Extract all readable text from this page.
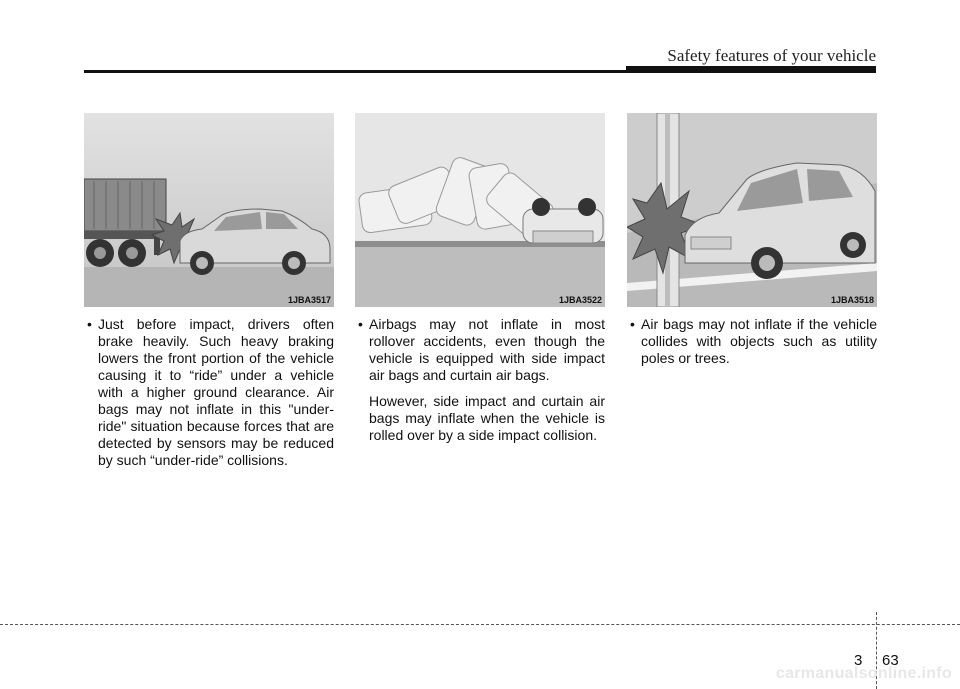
Safety features of your vehicle
1JBA3517	1JBA3522	1JBA3518

• Just before impact, drivers often brake heavily. Such heavy braking lowers the front portion of the vehicle causing it to “ride” under a vehicle with a higher ground clearance. Air bags may not inflate in this "under-ride" situation because forces that are detected by sensors may be reduced by such “under-ride” collisions.

• Airbags may not inflate in most rollover accidents, even though the vehicle is equipped with side impact air bags and curtain air bags.

However, side impact and curtain air bags may inflate when the vehicle is rolled over by a side impact collision.

• Air bags may not inflate if the vehicle collides with objects such as utility poles or trees.

3 63
carmanualsonline.info
